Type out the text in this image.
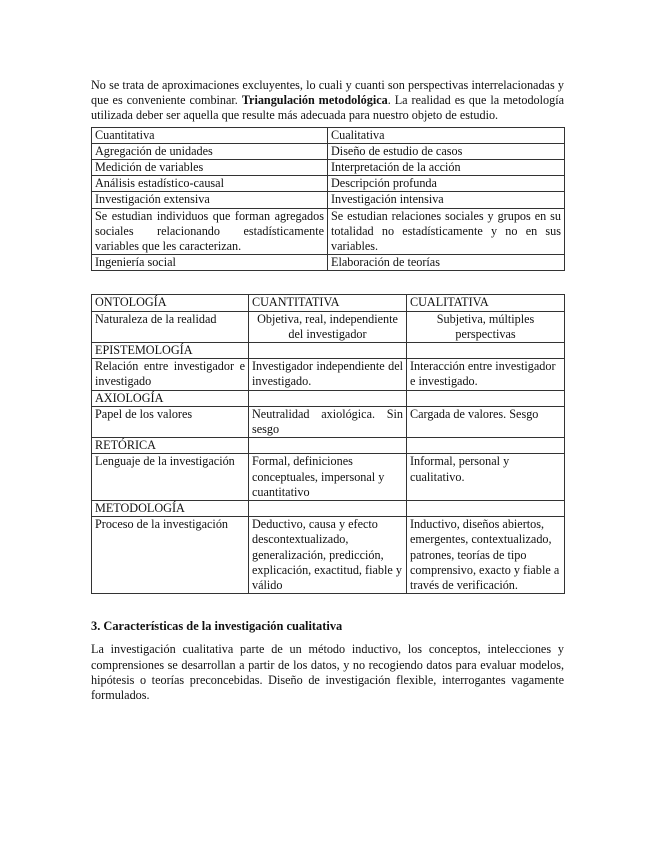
No se trata de aproximaciones excluyentes, lo cuali y cuanti son perspectivas interrelacionadas y que es conveniente combinar. Triangulación metodológica. La realidad es que la metodología utilizada deber ser aquella que resulte más adecuada para nuestro objeto de estudio.

Cuantitativa	Cualitativa
Agregación de unidades	Diseño de estudio de casos
Medición de variables	Interpretación de la acción
Análisis estadístico-causal	Descripción profunda
Investigación extensiva	Investigación intensiva
Se estudian individuos que forman agregados sociales relacionando estadísticamente variables que les caracterizan.	Se estudian relaciones sociales y grupos en su totalidad no estadísticamente y no en sus variables.
Ingeniería social	Elaboración de teorías
ONTOLOGÍA	CUANTITATIVA	CUALITATIVA
Naturaleza de la realidad	Objetiva, real, independiente del investigador	Subjetiva, múltiples perspectivas
EPISTEMOLOGÍA		
Relación entre investigador e investigado	Investigador independiente del investigado.	Interacción entre investigador e investigado.
AXIOLOGÍA		
Papel de los valores	Neutralidad axiológica. Sin sesgo	Cargada de valores. Sesgo
RETÓRICA		
Lenguaje de la investigación	Formal, definiciones conceptuales, impersonal y cuantitativo	Informal, personal y cualitativo.
METODOLOGÍA		
Proceso de la investigación	Deductivo, causa y efecto descontextualizado, generalización, predicción, explicación, exactitud, fiable y válido	Inductivo, diseños abiertos, emergentes, contextualizado, patrones, teorías de tipo comprensivo, exacto y fiable a través de verificación.
3. Características de la investigación cualitativa

La investigación cualitativa parte de un método inductivo, los conceptos, intelecciones y comprensiones se desarrollan a partir de los datos, y no recogiendo datos para evaluar modelos, hipótesis o teorías preconcebidas. Diseño de investigación flexible, interrogantes vagamente formulados.
